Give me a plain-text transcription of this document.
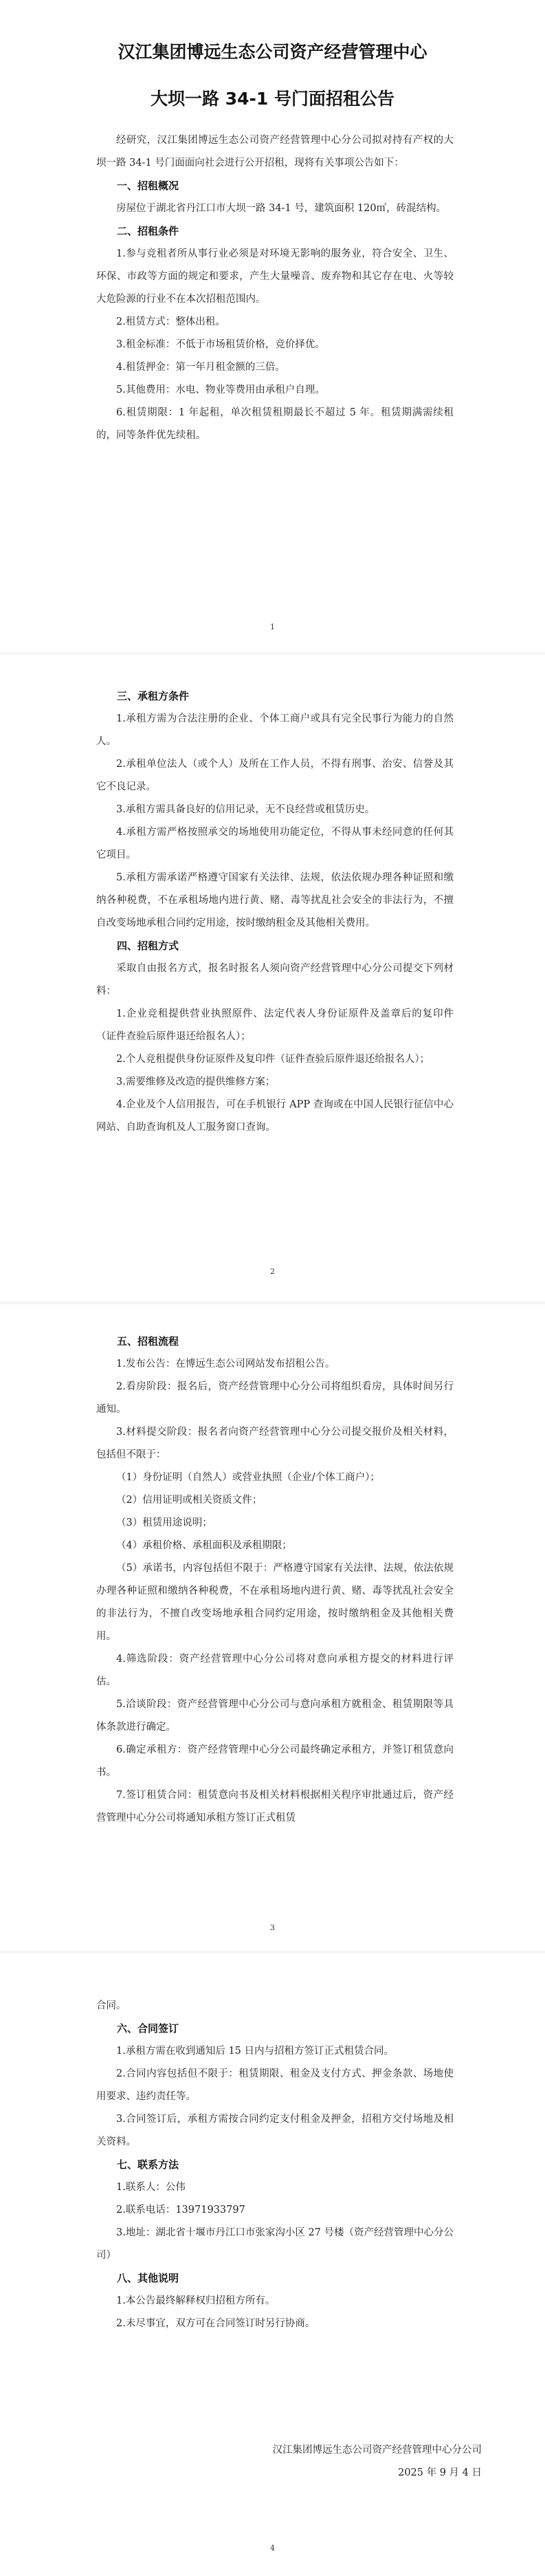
汉江集团博远生态公司资产经营管理中心
大坝一路 34-1 号门面招租公告

经研究，汉江集团博远生态公司资产经营管理中心分公司拟对持有产权的大坝一路 34-1 号门面面向社会进行公开招租，现将有关事项公告如下：

一、招租概况

房屋位于湖北省丹江口市大坝一路 34-1 号，建筑面积 120㎡，砖混结构。

二、招租条件

1.参与竞租者所从事行业必须是对环境无影响的服务业，符合安全、卫生、环保、市政等方面的规定和要求，产生大量噪音、废弃物和其它存在电、火等较大危险源的行业不在本次招租范围内。

2.租赁方式：整体出租。

3.租金标准：不低于市场租赁价格，竞价择优。

4.租赁押金：第一年月租金额的三倍。

5.其他费用：水电、物业等费用由承租户自理。

6.租赁期限：1 年起租，单次租赁租期最长不超过 5 年。租赁期满需续租的，同等条件优先续租。

1

三、承租方条件

1.承租方需为合法注册的企业、个体工商户或具有完全民事行为能力的自然人。

2.承租单位法人（或个人）及所在工作人员，不得有刑事、治安、信誉及其它不良记录。

3.承租方需具备良好的信用记录，无不良经营或租赁历史。

4.承租方需严格按照承交的场地使用功能定位，不得从事未经同意的任何其它项目。

5.承租方需承诺严格遵守国家有关法律、法规，依法依规办理各种证照和缴纳各种税费，不在承租场地内进行黄、赌、毒等扰乱社会安全的非法行为，不擅自改变场地承租合同约定用途，按时缴纳租金及其他相关费用。

四、招租方式

采取自由报名方式，报名时报名人须向资产经营管理中心分公司提交下列材料：

1.企业竞租提供营业执照原件、法定代表人身份证原件及盖章后的复印件（证件查验后原件退还给报名人）；

2.个人竞租提供身份证原件及复印件（证件查验后原件退还给报名人）；

3.需要维修及改造的提供维修方案；

4.企业及个人信用报告，可在手机银行 APP 查询或在中国人民银行征信中心网站、自助查询机及人工服务窗口查询。

2

五、招租流程

1.发布公告：在博远生态公司网站发布招租公告。

2.看房阶段：报名后，资产经营管理中心分公司将组织看房，具体时间另行通知。

3.材料提交阶段：报名者向资产经营管理中心分公司提交报价及相关材料，包括但不限于：

（1）身份证明（自然人）或营业执照（企业/个体工商户）；

（2）信用证明或相关资质文件；

（3）租赁用途说明；

（4）承租价格、承租面积及承租期限；

（5）承诺书，内容包括但不限于：严格遵守国家有关法律、法规，依法依规办理各种证照和缴纳各种税费，不在承租场地内进行黄、赌、毒等扰乱社会安全的非法行为，不擅自改变场地承租合同约定用途，按时缴纳租金及其他相关费用。

4.筛选阶段：资产经营管理中心分公司将对意向承租方提交的材料进行评估。

5.洽谈阶段：资产经营管理中心分公司与意向承租方就租金、租赁期限等具体条款进行确定。

6.确定承租方：资产经营管理中心分公司最终确定承租方，并签订租赁意向书。

7.签订租赁合同：租赁意向书及相关材料根据相关程序审批通过后，资产经营管理中心分公司将通知承租方签订正式租赁

3

合同。

六、合同签订

1.承租方需在收到通知后 15 日内与招租方签订正式租赁合同。

2.合同内容包括但不限于：租赁期限、租金及支付方式、押金条款、场地使用要求、违约责任等。

3.合同签订后，承租方需按合同约定支付租金及押金，招租方交付场地及相关资料。

七、联系方法

1.联系人：公伟

2.联系电话：13971933797

3.地址：湖北省十堰市丹江口市张家沟小区 27 号楼（资产经营管理中心分公司）

八、其他说明

1.本公告最终解释权归招租方所有。

2.未尽事宜，双方可在合同签订时另行协商。

汉江集团博远生态公司资产经营管理中心分公司
2025 年 9 月 4 日
4
